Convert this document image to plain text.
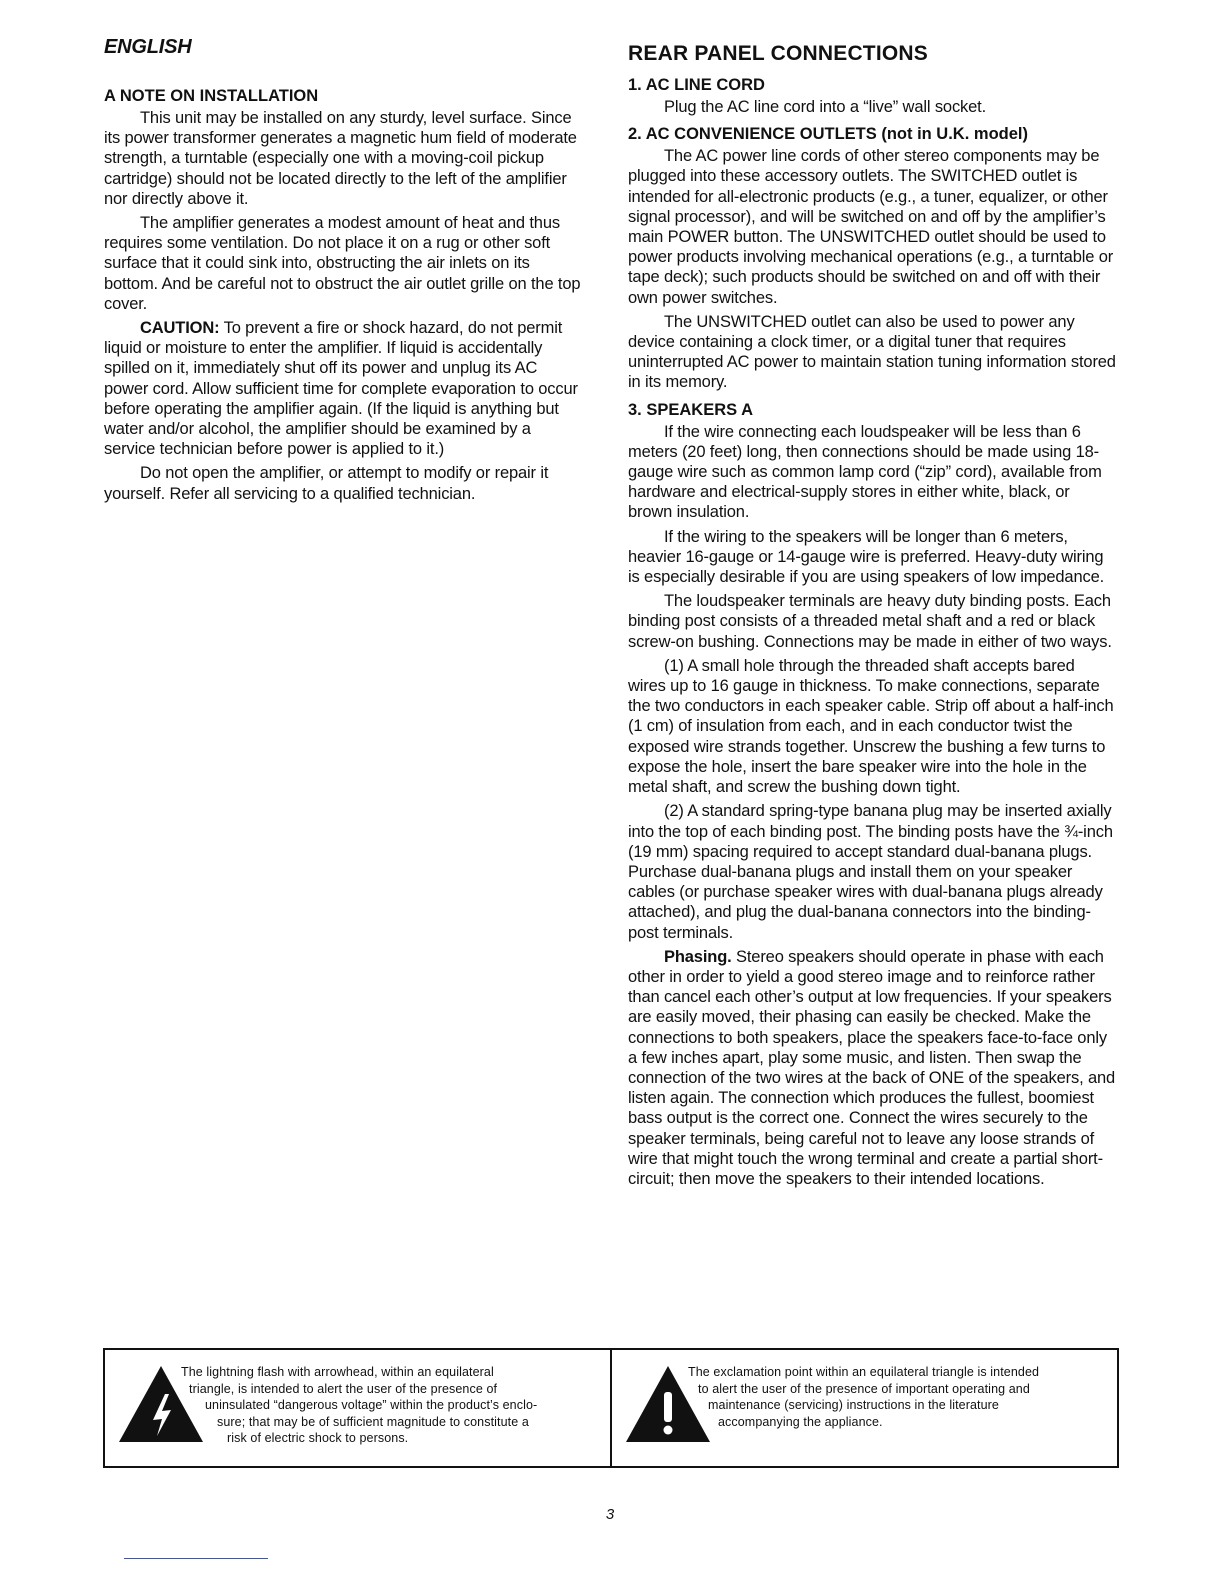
ENGLISH
A NOTE ON INSTALLATION

This unit may be installed on any sturdy, level surface. Since its power transformer generates a magnetic hum field of moderate strength, a turntable (especially one with a moving-coil pickup cartridge) should not be located directly to the left of the amplifier nor directly above it.

The amplifier generates a modest amount of heat and thus requires some ventilation. Do not place it on a rug or other soft surface that it could sink into, obstructing the air inlets on its bottom. And be careful not to obstruct the air outlet grille on the top cover.

CAUTION: To prevent a fire or shock hazard, do not permit liquid or moisture to enter the amplifier. If liquid is accidentally spilled on it, immediately shut off its power and unplug its AC power cord. Allow sufficient time for complete evaporation to occur before operating the amplifier again. (If the liquid is anything but water and/or alcohol, the amplifier should be examined by a service technician before power is applied to it.)

Do not open the amplifier, or attempt to modify or repair it yourself. Refer all servicing to a qualified technician.

REAR PANEL CONNECTIONS
1. AC LINE CORD

Plug the AC line cord into a “live” wall socket.

2. AC CONVENIENCE OUTLETS (not in U.K. model)

The AC power line cords of other stereo components may be plugged into these accessory outlets. The SWITCHED outlet is intended for all-electronic products (e.g., a tuner, equalizer, or other signal processor), and will be switched on and off by the amplifier’s main POWER button. The UNSWITCHED outlet should be used to power products involving mechanical operations (e.g., a turntable or tape deck); such products should be switched on and off with their own power switches.

The UNSWITCHED outlet can also be used to power any device containing a clock timer, or a digital tuner that requires uninterrupted AC power to maintain station tuning information stored in its memory.

3. SPEAKERS A

If the wire connecting each loudspeaker will be less than 6 meters (20 feet) long, then connections should be made using 18-gauge wire such as common lamp cord (“zip” cord), available from hardware and electrical-supply stores in either white, black, or brown insulation.

If the wiring to the speakers will be longer than 6 meters, heavier 16-gauge or 14-gauge wire is preferred. Heavy-duty wiring is especially desirable if you are using speakers of low impedance.

The loudspeaker terminals are heavy duty binding posts. Each binding post consists of a threaded metal shaft and a red or black screw-on bushing. Connections may be made in either of two ways.

(1) A small hole through the threaded shaft accepts bared wires up to 16 gauge in thickness. To make connections, separate the two conductors in each speaker cable. Strip off about a half-inch (1 cm) of insulation from each, and in each conductor twist the exposed wire strands together. Unscrew the bushing a few turns to expose the hole, insert the bare speaker wire into the hole in the metal shaft, and screw the bushing down tight.

(2) A standard spring-type banana plug may be inserted axially into the top of each binding post. The binding posts have the ¾-inch (19 mm) spacing required to accept standard dual-banana plugs. Purchase dual-banana plugs and install them on your speaker cables (or purchase speaker wires with dual-banana plugs already attached), and plug the dual-banana connectors into the binding-post terminals.

Phasing. Stereo speakers should operate in phase with each other in order to yield a good stereo image and to reinforce rather than cancel each other’s output at low frequencies. If your speakers are easily moved, their phasing can easily be checked. Make the connections to both speakers, place the speakers face-to-face only a few inches apart, play some music, and listen. Then swap the connection of the two wires at the back of ONE of the speakers, and listen again. The connection which produces the fullest, boomiest bass output is the correct one. Connect the wires securely to the speaker terminals, being careful not to leave any loose strands of wire that might touch the wrong terminal and create a partial short-circuit; then move the speakers to their intended locations.

The lightning flash with arrowhead, within an equilateral
triangle, is intended to alert the user of the presence of
uninsulated “dangerous voltage” within the product’s enclo-
sure; that may be of sufficient magnitude to constitute a
risk of electric shock to persons.
The exclamation point within an equilateral triangle is intended
to alert the user of the presence of important operating and
maintenance (servicing) instructions in the literature
accompanying the appliance.
3
